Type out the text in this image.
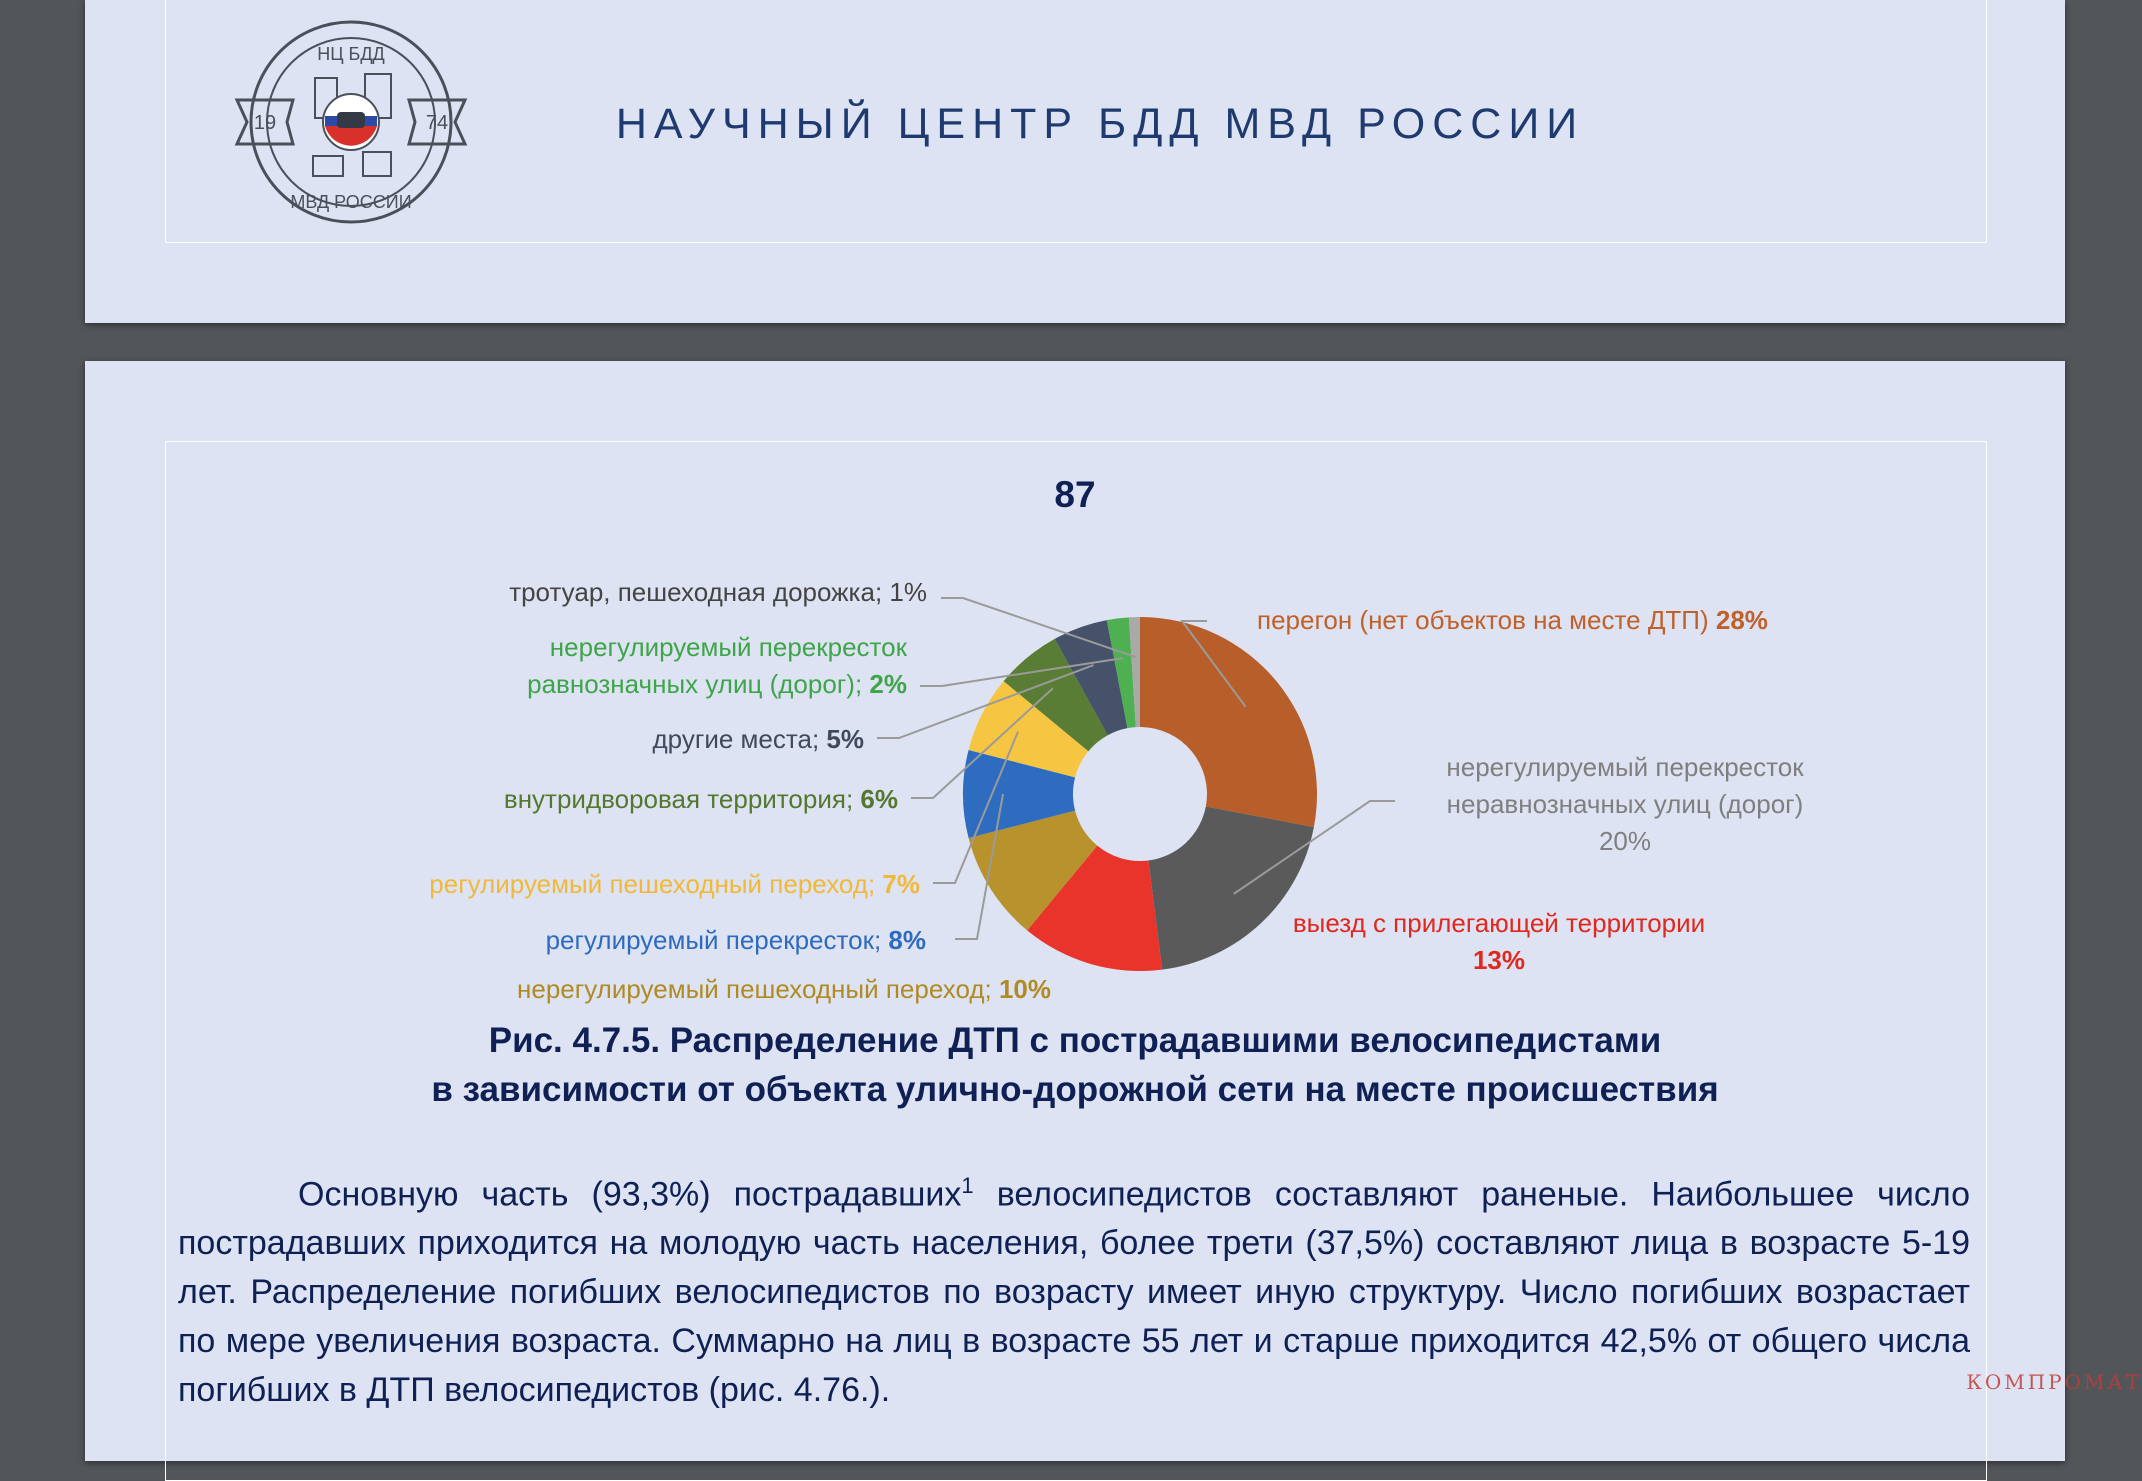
НЦ БДД
МВД РОССИИ
19	74	НАУЧНЫЙ ЦЕНТР БДД МВД РОССИИ
87
перегон (нет объектов на месте ДТП) 28%
нерегулируемый перекресток неравнозначных улиц (дорог) 20%
выезд с прилегающей территории 13%
нерегулируемый пешеходный переход; 10%
регулируемый перекресток; 8%
регулируемый пешеходный переход; 7%
внутридворовая территория; 6%
другие места; 5%
нерегулируемый перекресток равнозначных улиц (дорог); 2%
тротуар, пешеходная дорожка; 1%
Рис. 4.7.5. Распределение ДТП с пострадавшими велосипедистами
в зависимости от объекта улично-дорожной сети на месте происшествия

Основную часть (93,3%) пострадавших$^1$ велосипедистов составляют раненые. Наибольшее число пострадавших приходится на молодую часть населения, более трети (37,5%) составляют лица в возрасте 5-19 лет. Распределение погибших велосипедистов по возрасту имеет иную структуру. Число погибших возрастает по мере увеличения возраста. Суммарно на лиц в возрасте 55 лет и старше приходится 42,5% от общего числа погибших в ДТП велосипедистов (рис. 4.76.).	КОМПРОМАТ
